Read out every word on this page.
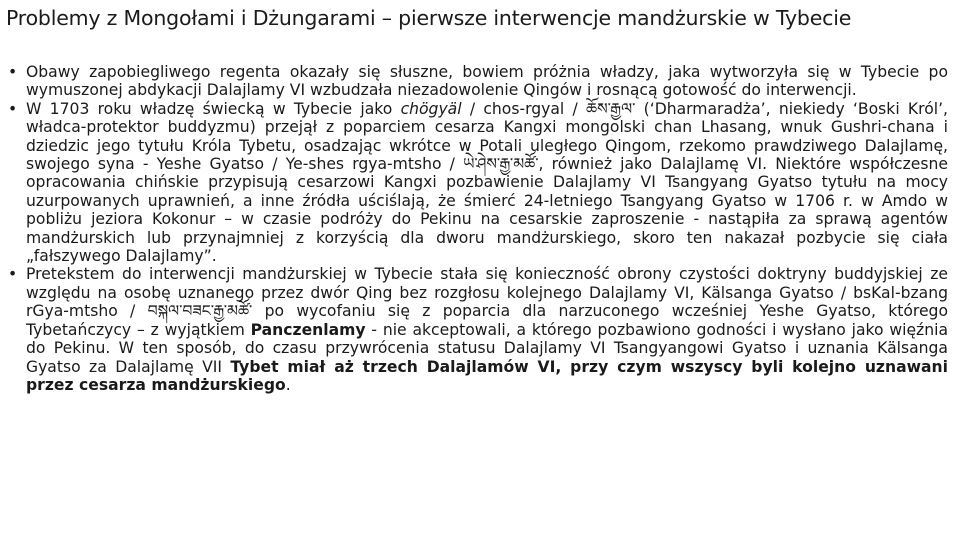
Problemy z Mongołami i Dżungarami – pierwsze interwencje mandżurskie w Tybecie
• Obawy zapobiegliwego regenta okazały się słuszne, bowiem próżnia władzy, jaka wytworzyła się w Tybecie po wymuszonej abdykacji Dalajlamy VI wzbudzała niezadowolenie Qingów i rosnącą gotowość do interwencji.
• W 1703 roku władzę świecką w Tybecie jako chögyäl / chos-rgyal / ཆོས་རྒྱལ་ (‘Dharmaradża’, niekiedy ‘Boski Król’, władca-protektor buddyzmu) przejął z poparciem cesarza Kangxi mongolski chan Lhasang, wnuk Gushri-chana i dziedzic jego tytułu Króla Tybetu, osadzając wkrótce w Potali uległego Qingom, rzekomo prawdziwego Dalajlamę, swojego syna - Yeshe Gyatso / Ye-shes rgya-mtsho / ཡེ་ཤེས་རྒྱ་མཚོ་, również jako Dalajlamę VI. Niektóre współczesne opracowania chińskie przypisują cesarzowi Kangxi pozbawienie Dalajlamy VI Tsangyang Gyatso tytułu na mocy uzurpowanych uprawnień, a inne źródła uściślają, że śmierć 24-letniego Tsangyang Gyatso w 1706 r. w Amdo w pobliżu jeziora Kokonur – w czasie podróży do Pekinu na cesarskie zaproszenie - nastąpiła za sprawą agentów mandżurskich lub przynajmniej z korzyścią dla dworu mandżurskiego, skoro ten nakazał pozbycie się ciała „fałszywego Dalajlamy”.
• Pretekstem do interwencji mandżurskiej w Tybecie stała się konieczność obrony czystości doktryny buddyjskiej ze względu na osobę uznanego przez dwór Qing bez rozgłosu kolejnego Dalajlamy VI, Kälsanga Gyatso / bsKal-bzang rGya-mtsho / བསྐལ་བཟང་རྒྱ་མཚོ་ po wycofaniu się z poparcia dla narzuconego wcześniej Yeshe Gyatso, którego Tybetańczycy – z wyjątkiem Panczenlamy - nie akceptowali, a którego pozbawiono godności i wysłano jako więźnia do Pekinu. W ten sposób, do czasu przywrócenia statusu Dalajlamy VI Tsangyangowi Gyatso i uznania Kälsanga Gyatso za Dalajlamę VII Tybet miał aż trzech Dalajlamów VI, przy czym wszyscy byli kolejno uznawani przez cesarza mandżurskiego.
